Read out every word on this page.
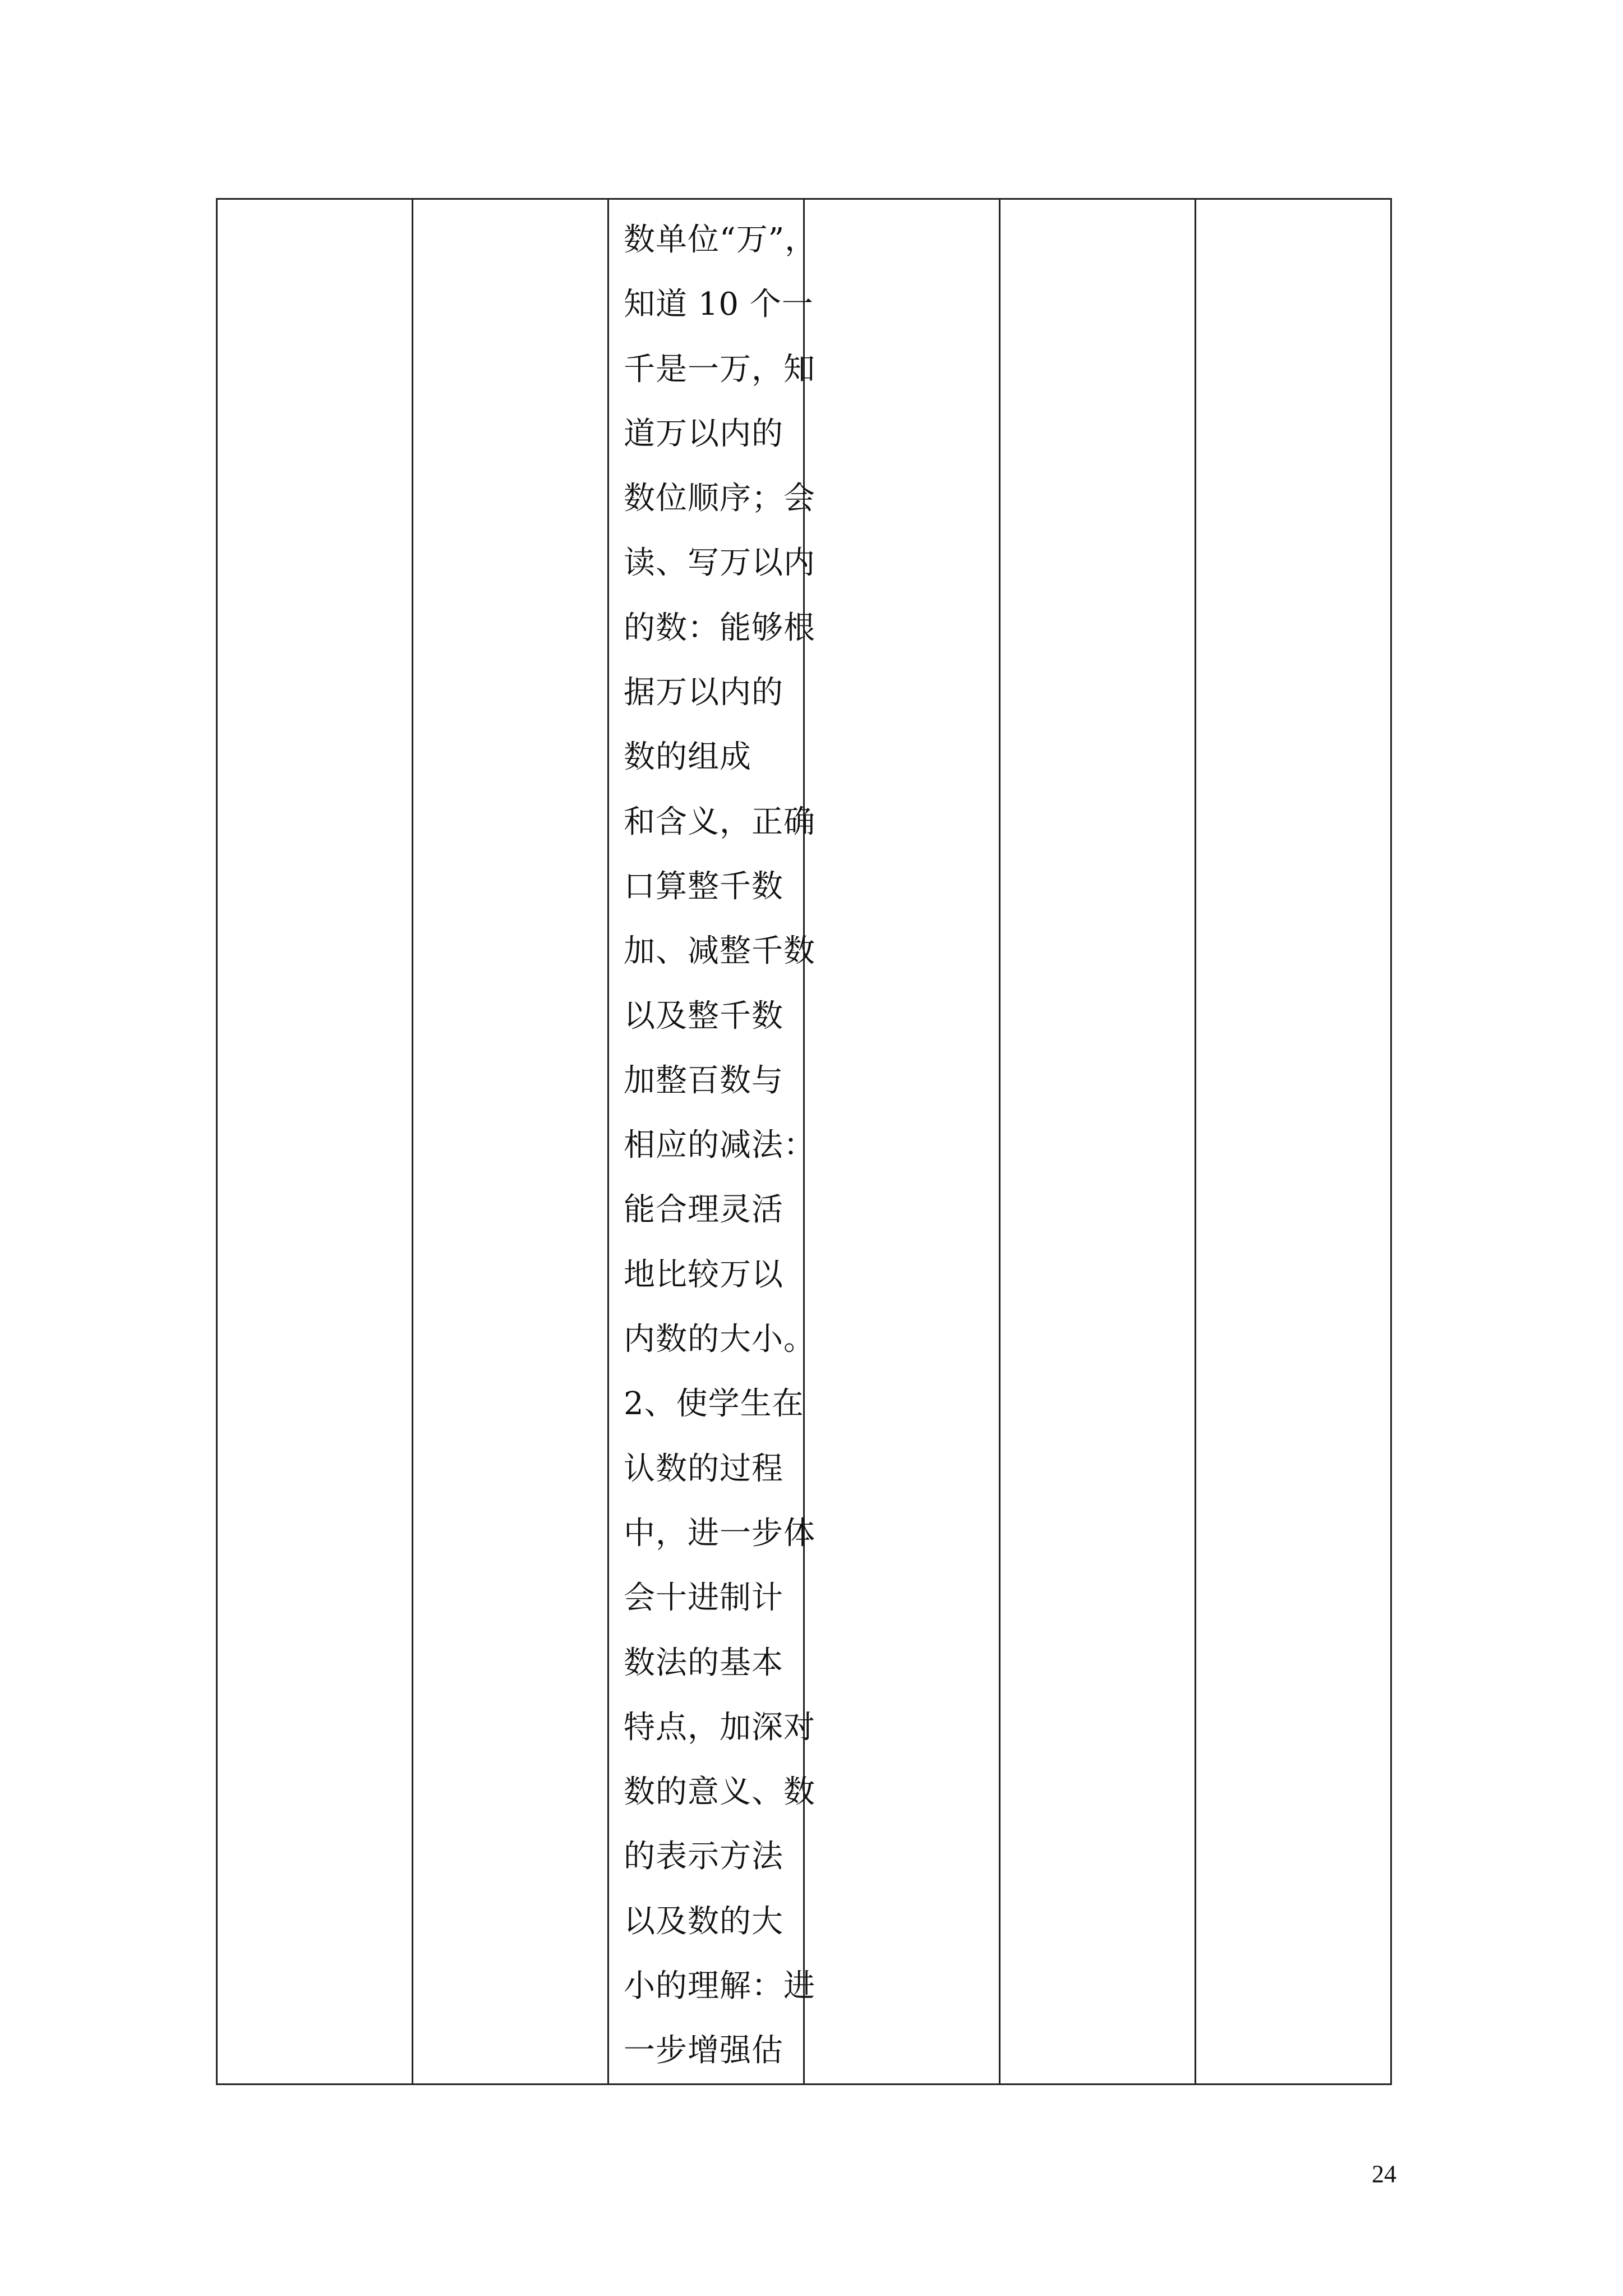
数单位“万”，
知道 10 个一
千是一万，知
道万以内的
数位顺序；会
读、写万以内
的数：能够根
据万以内的
数的组成
和含义，正确
口算整千数
加、减整千数
以及整千数
加整百数与
相应的减法：
能合理灵活
地比较万以
内数的大小。
2、使学生在
认数的过程
中，进一步体
会十进制计
数法的基本
特点，加深对
数的意义、数
的表示方法
以及数的大
小的理解：进
一步增强估

24
